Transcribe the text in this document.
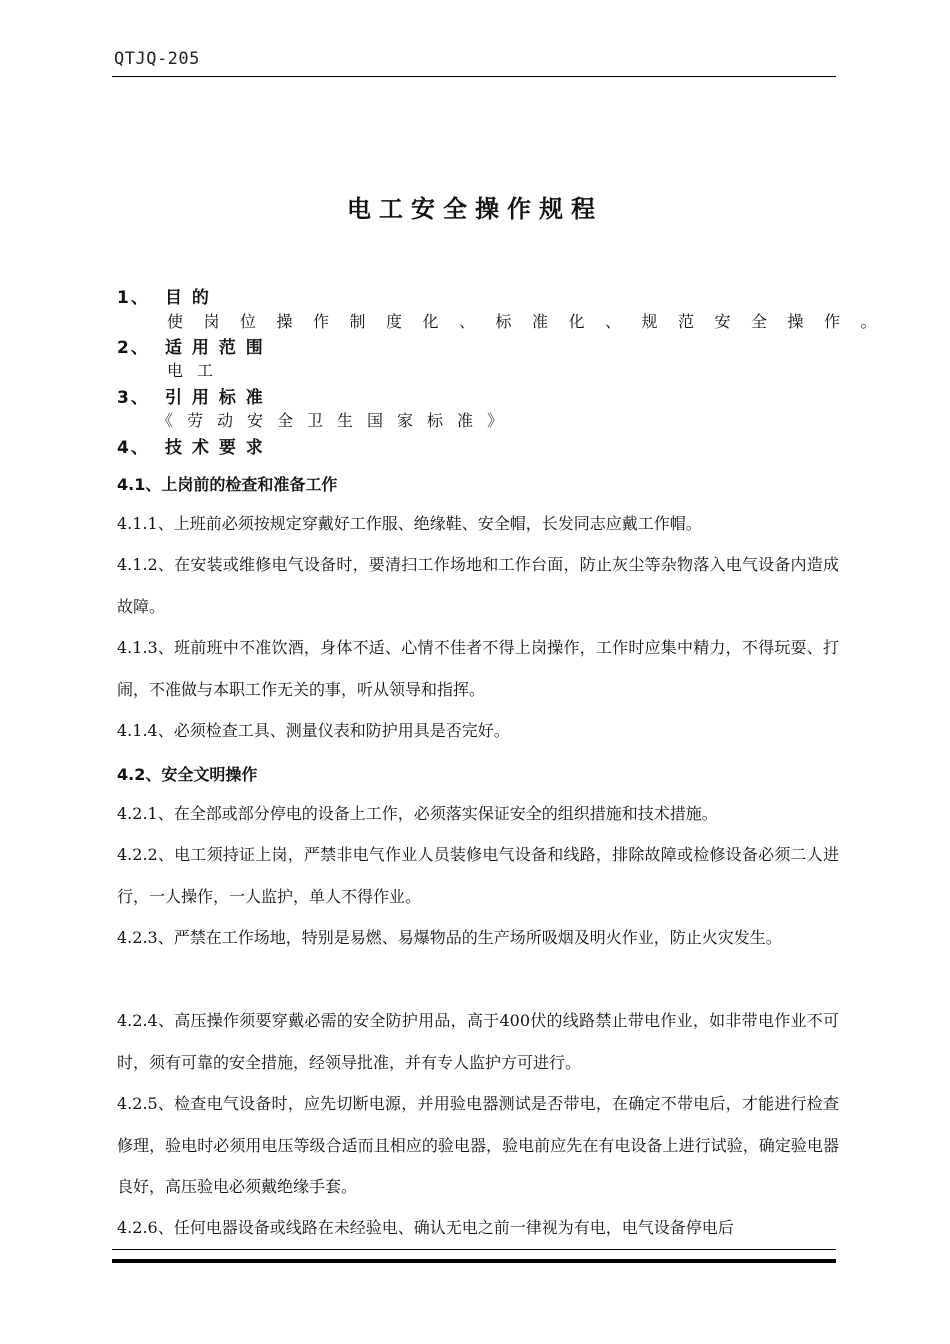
QTJQ-205
电工安全操作规程
1、 目 的
使岗位操作制度化、标准化、规范安全操作。
2、 适 用 范 围
电工
3、 引 用 标 准
《劳动安全卫生国家标准》
4、 技 术 要 求
4.1、上岗前的检查和准备工作
4.1.1、上班前必须按规定穿戴好工作服、绝缘鞋、安全帽，长发同志应戴工作帽。
4.1.2、在安装或维修电气设备时，要清扫工作场地和工作台面，防止灰尘等杂物落入电气设备内造成故障。
4.1.3、班前班中不准饮酒，身体不适、心情不佳者不得上岗操作，工作时应集中精力，不得玩耍、打闹，不准做与本职工作无关的事，听从领导和指挥。
4.1.4、必须检查工具、测量仪表和防护用具是否完好。
4.2、安全文明操作
4.2.1、在全部或部分停电的设备上工作，必须落实保证安全的组织措施和技术措施。
4.2.2、电工须持证上岗，严禁非电气作业人员装修电气设备和线路，排除故障或检修设备必须二人进行，一人操作，一人监护，单人不得作业。
4.2.3、严禁在工作场地，特别是易燃、易爆物品的生产场所吸烟及明火作业，防止火灾发生。
4.2.4、高压操作须要穿戴必需的安全防护用品，高于400伏的线路禁止带电作业，如非带电作业不可时，须有可靠的安全措施，经领导批准，并有专人监护方可进行。
4.2.5、检查电气设备时，应先切断电源，并用验电器测试是否带电，在确定不带电后，才能进行检查修理，验电时必须用电压等级合适而且相应的验电器，验电前应先在有电设备上进行试验，确定验电器良好，高压验电必须戴绝缘手套。
4.2.6、任何电器设备或线路在未经验电、确认无电之前一律视为有电，电气设备停电后
